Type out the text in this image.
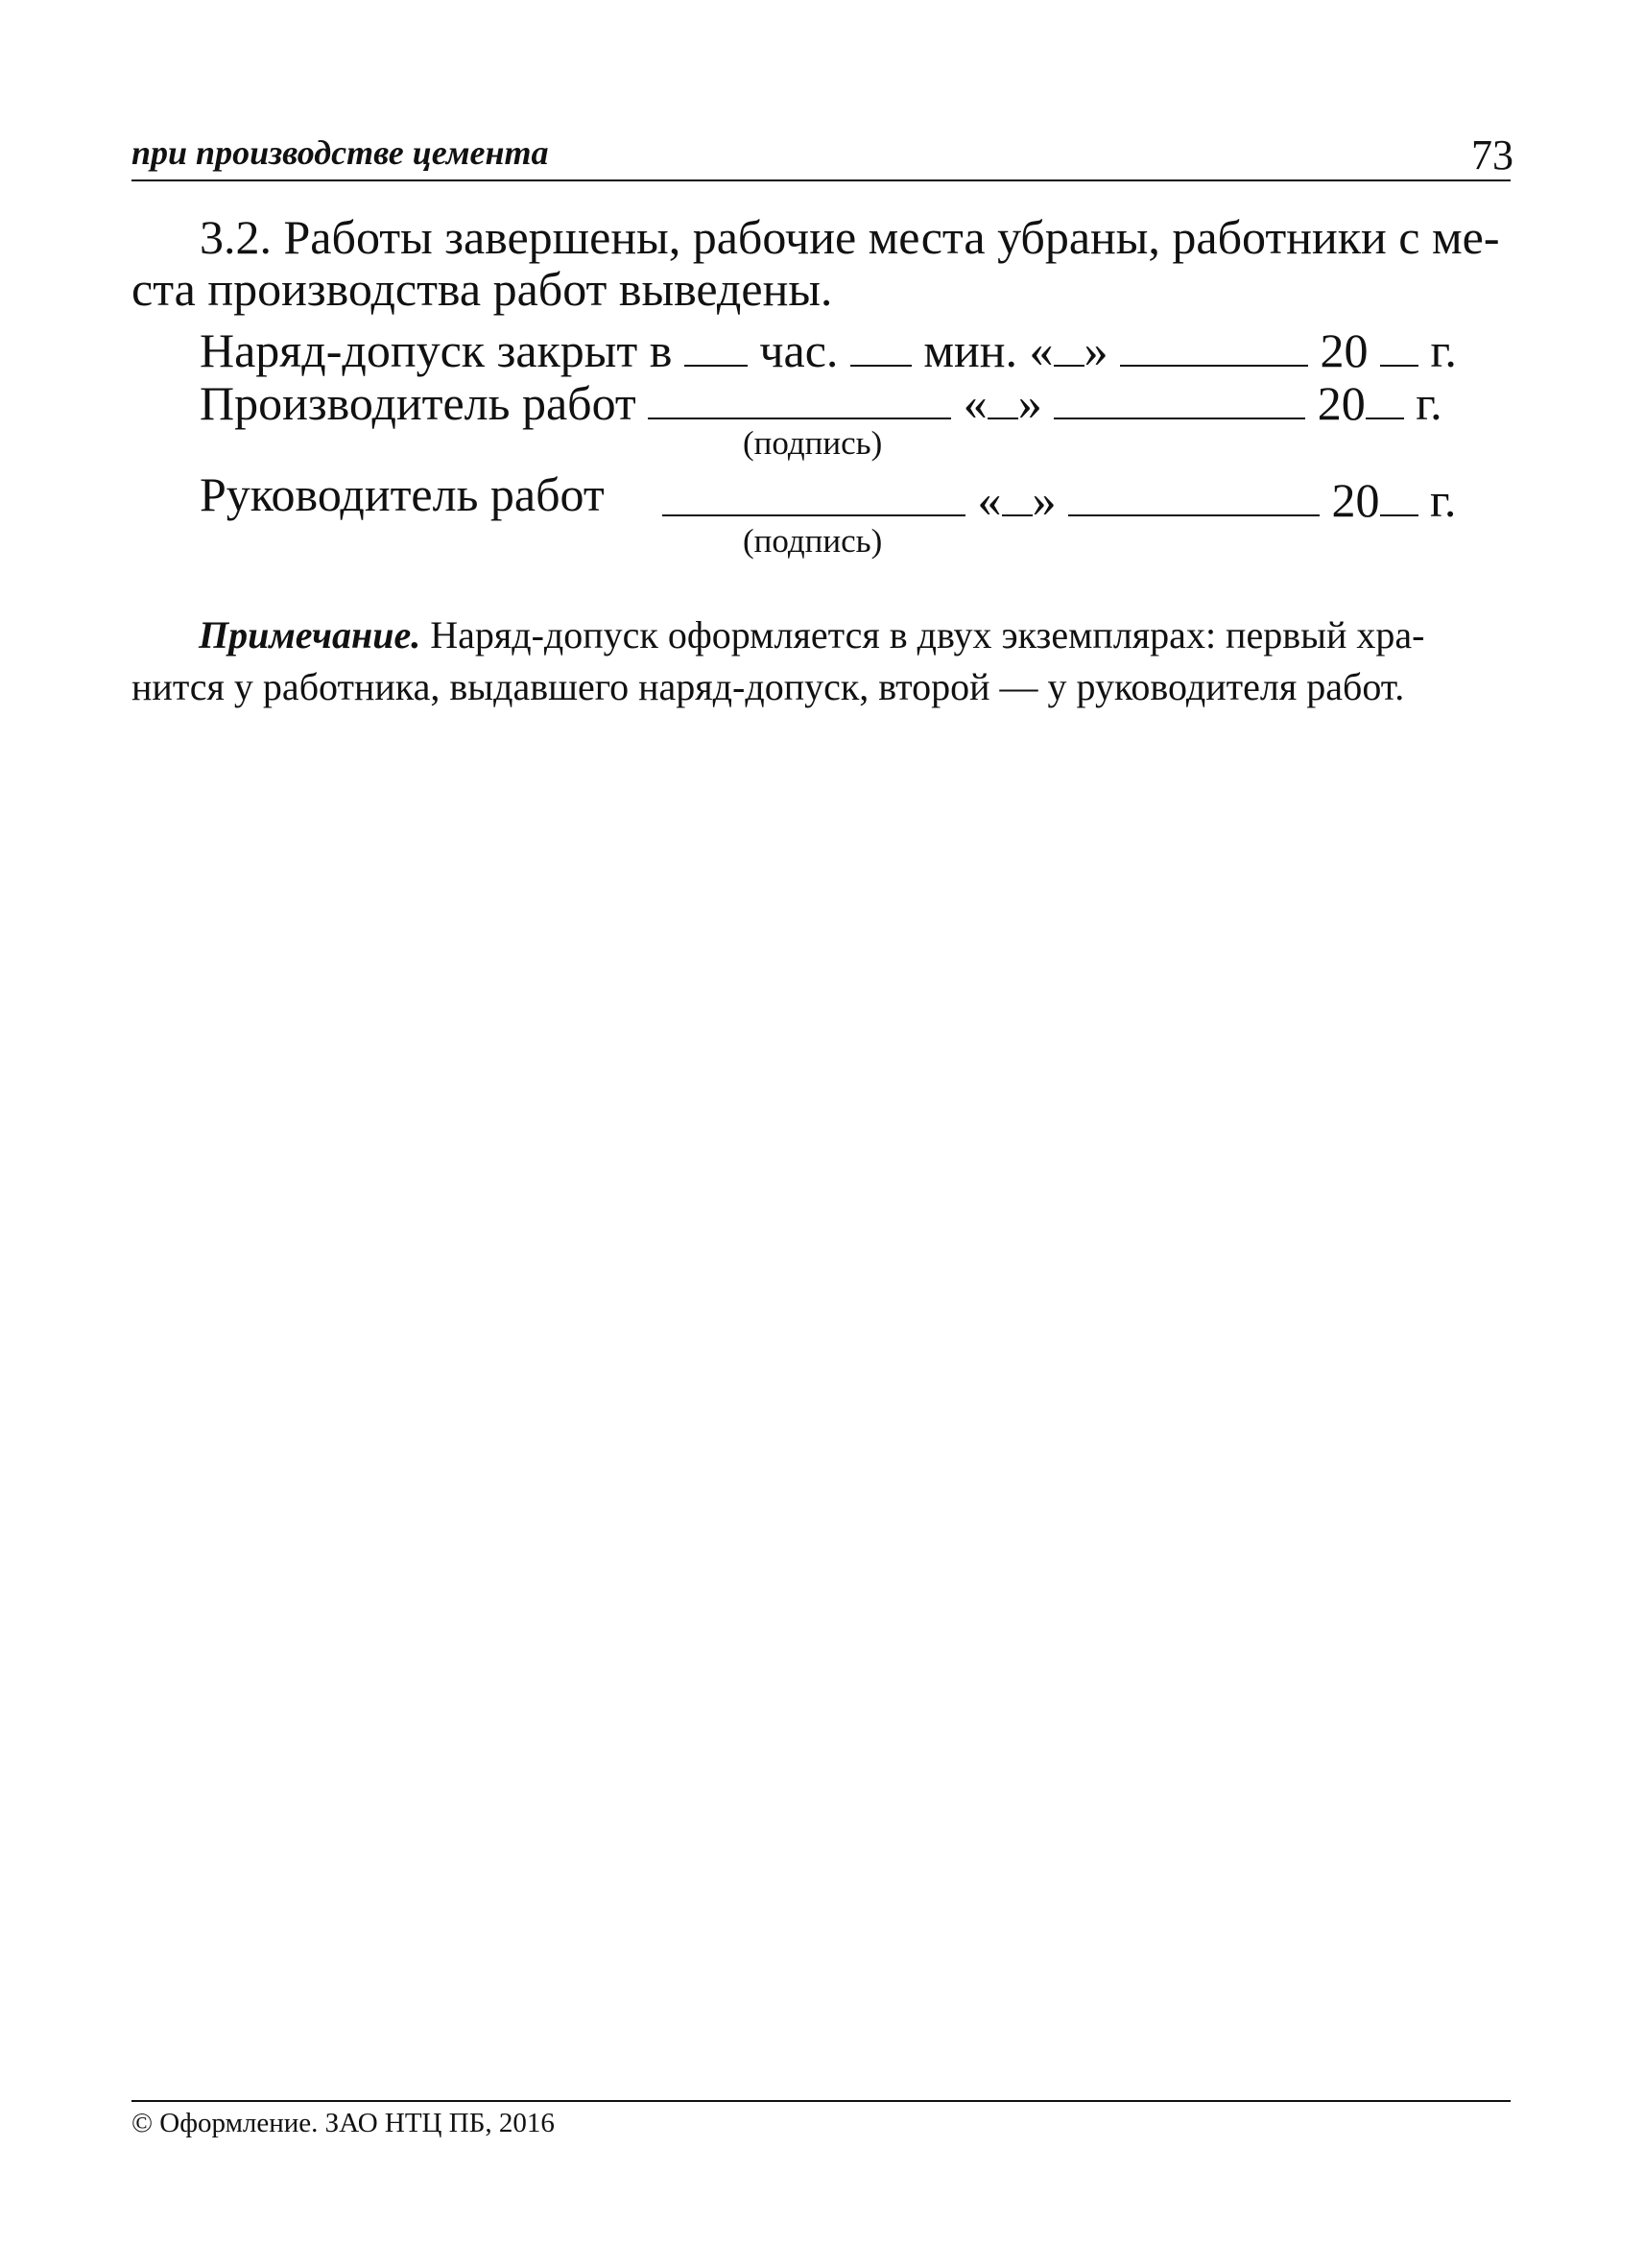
при производстве цемента	73
3.2. Работы завершены, рабочие места убраны, работники с ме-
ста производства работ выведены.
Наряд-допуск закрыт в час. мин. « »	20 г.
Производитель работ	« »	20 г.
(подпись)
Руководитель работ	« »	20 г.
(подпись)
Примечание. Наряд-допуск оформляется в двух экземплярах: первый хра-
нится у работника, выдавшего наряд-допуск, второй — у руководителя работ.
© Оформление. ЗАО НТЦ ПБ, 2016
